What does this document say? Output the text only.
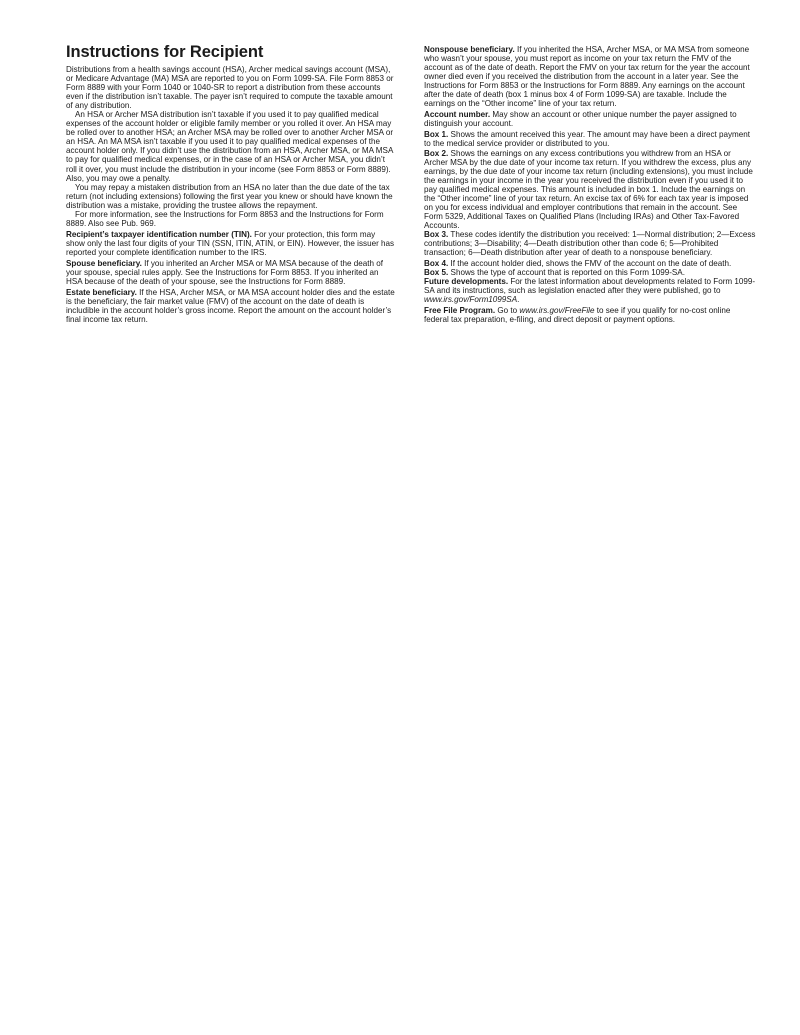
Instructions for Recipient

Distributions from a health savings account (HSA), Archer medical savings account (MSA), or Medicare Advantage (MA) MSA are reported to you on Form 1099-SA. File Form 8853 or Form 8889 with your Form 1040 or 1040-SR to report a distribution from these accounts even if the distribution isn’t taxable. The payer isn’t required to compute the taxable amount of any distribution.

An HSA or Archer MSA distribution isn’t taxable if you used it to pay qualified medical expenses of the account holder or eligible family member or you rolled it over. An HSA may be rolled over to another HSA; an Archer MSA may be rolled over to another Archer MSA or an HSA. An MA MSA isn’t taxable if you used it to pay qualified medical expenses of the account holder only. If you didn’t use the distribution from an HSA, Archer MSA, or MA MSA to pay for qualified medical expenses, or in the case of an HSA or Archer MSA, you didn’t roll it over, you must include the distribution in your income (see Form 8853 or Form 8889). Also, you may owe a penalty.

You may repay a mistaken distribution from an HSA no later than the due date of the tax return (not including extensions) following the first year you knew or should have known the distribution was a mistake, providing the trustee allows the repayment.

For more information, see the Instructions for Form 8853 and the Instructions for Form 8889. Also see Pub. 969.

Recipient’s taxpayer identification number (TIN). For your protection, this form may show only the last four digits of your TIN (SSN, ITIN, ATIN, or EIN). However, the issuer has reported your complete identification number to the IRS.

Spouse beneficiary. If you inherited an Archer MSA or MA MSA because of the death of your spouse, special rules apply. See the Instructions for Form 8853. If you inherited an HSA because of the death of your spouse, see the Instructions for Form 8889.

Estate beneficiary. If the HSA, Archer MSA, or MA MSA account holder dies and the estate is the beneficiary, the fair market value (FMV) of the account on the date of death is includible in the account holder’s gross income. Report the amount on the account holder’s final income tax return.

Nonspouse beneficiary. If you inherited the HSA, Archer MSA, or MA MSA from someone who wasn’t your spouse, you must report as income on your tax return the FMV of the account as of the date of death. Report the FMV on your tax return for the year the account owner died even if you received the distribution from the account in a later year. See the Instructions for Form 8853 or the Instructions for Form 8889. Any earnings on the account after the date of death (box 1 minus box 4 of Form 1099-SA) are taxable. Include the earnings on the “Other income” line of your tax return.

Account number. May show an account or other unique number the payer assigned to distinguish your account.

Box 1. Shows the amount received this year. The amount may have been a direct payment to the medical service provider or distributed to you.

Box 2. Shows the earnings on any excess contributions you withdrew from an HSA or Archer MSA by the due date of your income tax return. If you withdrew the excess, plus any earnings, by the due date of your income tax return (including extensions), you must include the earnings in your income in the year you received the distribution even if you used it to pay qualified medical expenses. This amount is included in box 1. Include the earnings on the “Other income” line of your tax return. An excise tax of 6% for each tax year is imposed on you for excess individual and employer contributions that remain in the account. See Form 5329, Additional Taxes on Qualified Plans (Including IRAs) and Other Tax-Favored Accounts.

Box 3. These codes identify the distribution you received: 1—Normal distribution; 2—Excess contributions; 3—Disability; 4—Death distribution other than code 6; 5—Prohibited transaction; 6—Death distribution after year of death to a nonspouse beneficiary.

Box 4. If the account holder died, shows the FMV of the account on the date of death.

Box 5. Shows the type of account that is reported on this Form 1099-SA.

Future developments. For the latest information about developments related to Form 1099-SA and its instructions, such as legislation enacted after they were published, go to www.irs.gov/Form1099SA.

Free File Program. Go to www.irs.gov/FreeFile to see if you qualify for no-cost online federal tax preparation, e-filing, and direct deposit or payment options.
